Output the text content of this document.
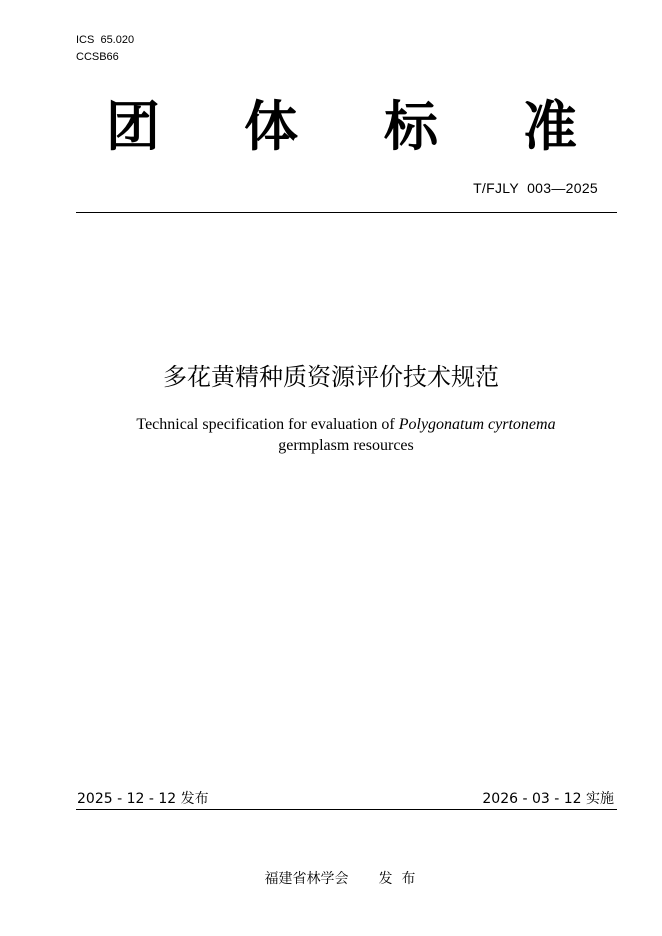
ICS  65.020
CCSB66
团 体 标 准
T/FJLY  003—2025
多花黄精种质资源评价技术规范
Technical specification for evaluation of Polygonatum cyrtonema
germplasm resources
2025 - 12 - 12 发布	2026 - 03 - 12 实施

福建省林学会 发  布
